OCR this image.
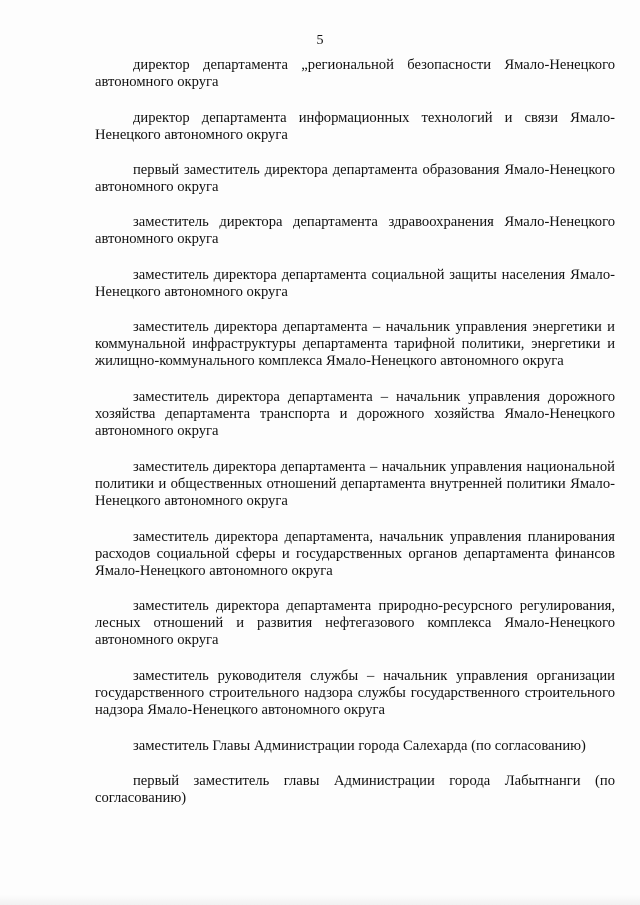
5

директор департамента „региональной безопасности Ямало-Ненецкого автономного округа

директор департамента информационных технологий и связи Ямало-Ненецкого автономного округа

первый заместитель директора департамента образования Ямало-Ненецкого автономного округа

заместитель директора департамента здравоохранения Ямало-Ненецкого автономного округа

заместитель директора департамента социальной защиты населения Ямало-Ненецкого автономного округа

заместитель директора департамента – начальник управления энергетики и коммунальной инфраструктуры департамента тарифной политики, энергетики и жилищно-коммунального комплекса Ямало-Ненецкого автономного округа

заместитель директора департамента – начальник управления дорожного хозяйства департамента транспорта и дорожного хозяйства Ямало-Ненецкого автономного округа

заместитель директора департамента – начальник управления национальной политики и общественных отношений департамента внутренней политики Ямало-Ненецкого автономного округа

заместитель директора департамента, начальник управления планирования расходов социальной сферы и государственных органов департамента финансов Ямало-Ненецкого автономного округа

заместитель директора департамента природно-ресурсного регулирования, лесных отношений и развития нефтегазового комплекса Ямало-Ненецкого автономного округа

заместитель руководителя службы – начальник управления организации государственного строительного надзора службы государственного строительного надзора Ямало-Ненецкого автономного округа

заместитель Главы Администрации города Салехарда (по согласованию)

первый заместитель главы Администрации города Лабытнанги (по согласованию)
